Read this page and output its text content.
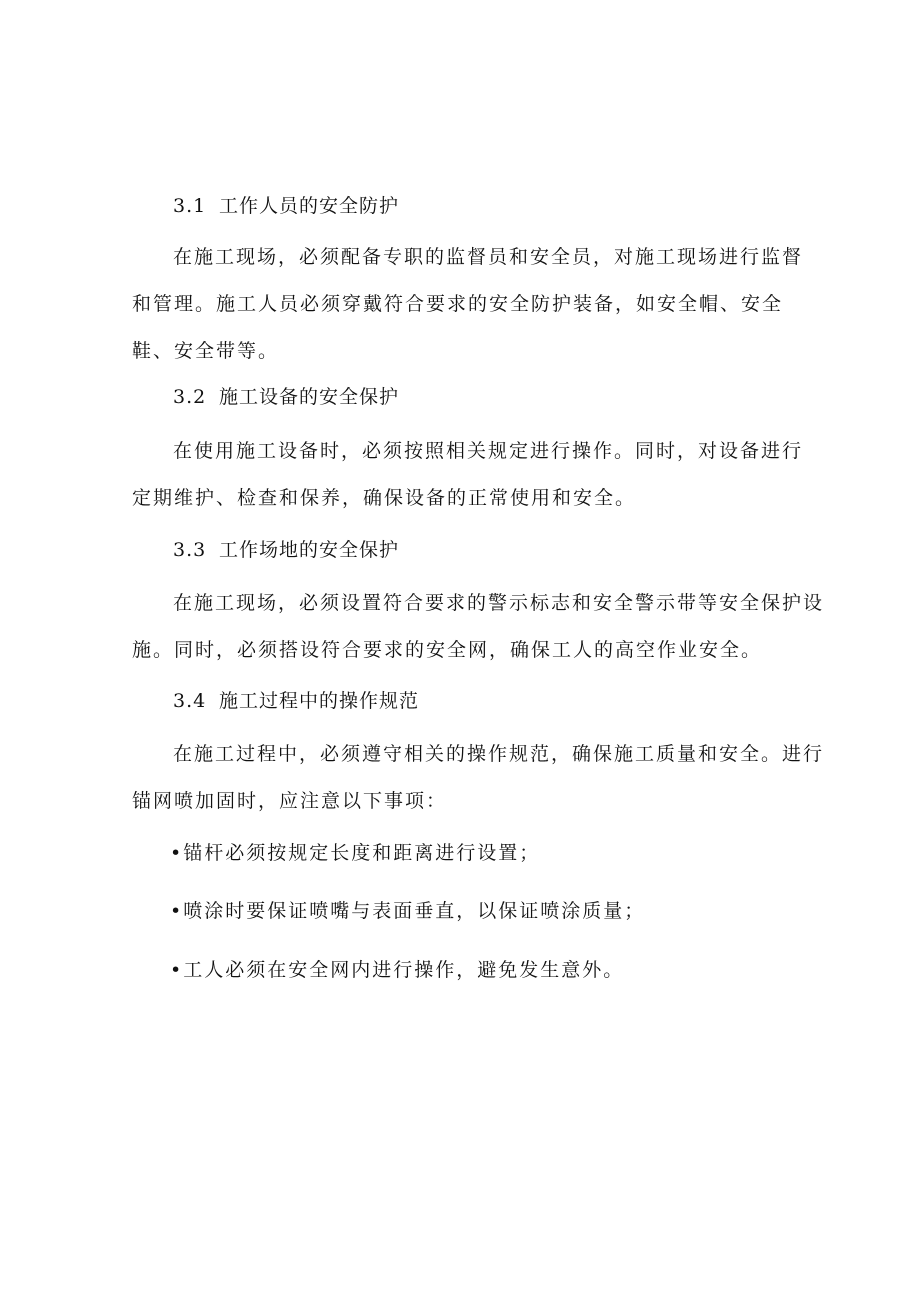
3.1 工作人员的安全防护
在施工现场，必须配备专职的监督员和安全员，对施工现场进行监督
和管理。施工人员必须穿戴符合要求的安全防护装备，如安全帽、安全
鞋、安全带等。
3.2 施工设备的安全保护
在使用施工设备时，必须按照相关规定进行操作。同时，对设备进行
定期维护、检查和保养，确保设备的正常使用和安全。
3.3 工作场地的安全保护
在施工现场，必须设置符合要求的警示标志和安全警示带等安全保护设
施。同时，必须搭设符合要求的安全网，确保工人的高空作业安全。
3.4 施工过程中的操作规范
在施工过程中，必须遵守相关的操作规范，确保施工质量和安全。进行
锚网喷加固时，应注意以下事项：
•锚杆必须按规定长度和距离进行设置；
•喷涂时要保证喷嘴与表面垂直，以保证喷涂质量；
•工人必须在安全网内进行操作，避免发生意外。
